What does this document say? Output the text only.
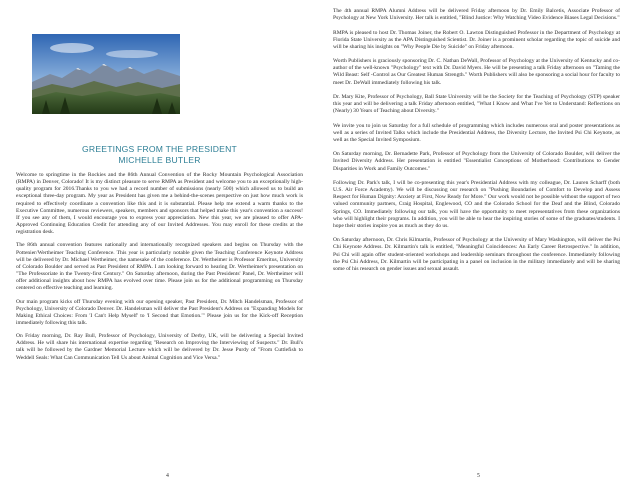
GREETINGS FROM THE PRESIDENT
MICHELLE BUTLER

Welcome to springtime in the Rockies and the 86th Annual Convention of the Rocky Mountain Psychological Association (RMPA) in Denver, Colorado! It is my distinct pleasure to serve RMPA as President and welcome you to an exceptionally high-quality program for 2016.Thanks to you we had a record number of submissions (nearly 500) which allowed us to build an exceptional three-day program. My year as President has given me a behind-the-scenes perspective on just how much work is required to effectively coordinate a convention like this and it is substantial. Please help me extend a warm thanks to the Executive Committee, numerous reviewers, speakers, members and sponsors that helped make this year's convention a success! If you see any of them, I would encourage you to express your appreciation. New this year, we are pleased to offer APA-Approved Continuing Education Credit for attending any of our Invited Addresses. You may enroll for these credits at the registration desk.

The 86th annual convention features nationally and internationally recognized speakers and begins on Thursday with the Pottenier/Wertheimer Teaching Conference. This year is particularly notable given the Teaching Conference Keynote Address will be delivered by Dr. Michael Wertheimer, the namesake of the conference. Dr. Wertheimer is Professor Emeritus, University of Colorado Boulder and served as Past President of RMPA. I am looking forward to hearing Dr. Wertheimer's presentation on "The Professoriate in the Twenty-first Century." On Saturday afternoon, during the Past Presidents' Panel, Dr. Wertheimer will offer additional insights about how RMPA has evolved over time. Please join us for the additional programming on Thursday centered on effective teaching and learning.

Our main program kicks off Thursday evening with our opening speaker, Past President, Dr. Mitch Handelsman, Professor of Psychology, University of Colorado Denver. Dr. Handelsman will deliver the Past President's Address on "Expanding Models for Making Ethical Choices: From 'I Can't Help Myself' to 'I Second that Emotion.'" Please join us for the Kick-off Reception immediately following this talk.

On Friday morning, Dr. Ray Bull, Professor of Psychology, University of Derby, UK, will be delivering a Special Invited Address. He will share his international expertise regarding "Research on Improving the Interviewing of Suspects." Dr. Bull's talk will be followed by the Gardner Memorial Lecture which will be delivered by Dr. Jesse Purdy of "From Cuttlefish to Weddell Seals: What Can Communication Tell Us about Animal Cognition and Vice Versa."

The 4th annual RMPA Alumni Address will be delivered Friday afternoon by Dr. Emily Balcetis, Associate Professor of Psychology at New York University. Her talk is entitled, "Blind Justice: Why Watching Video Evidence Biases Legal Decisions."

RMPA is pleased to host Dr. Thomas Joiner, the Robert O. Lawton Distinguished Professor in the Department of Psychology at Florida State University as the APA Distinguished Scientist. Dr. Joiner is a prominent scholar regarding the topic of suicide and will be sharing his insights on "Why People Die by Suicide" on Friday afternoon.

Worth Publishers is graciously sponsoring Dr. C. Nathan DeWall, Professor of Psychology at the University of Kentucky and co-author of the well-known "Psychology" text with Dr. David Myers. He will be presenting a talk Friday afternoon on "Taming the Wild Beast: Self -Control as Our Greatest Human Strength." Worth Publishers will also be sponsoring a social hour for faculty to meet Dr. DeWall immediately following his talk.

Dr. Mary Kite, Professor of Psychology, Ball State University will be the Society for the Teaching of Psychology (STP) speaker this year and will be delivering a talk Friday afternoon entitled, "What I Know and What I've Yet to Understand: Reflections on (Nearly) 30 Years of Teaching about Diversity."

We invite you to join us Saturday for a full schedule of programming which includes numerous oral and poster presentations as well as a series of Invited Talks which include the Presidential Address, the Diversity Lecture, the Invited Psi Chi Keynote, as well as the Special Invited Symposium.

On Saturday morning, Dr. Bernadette Park, Professor of Psychology from the University of Colorado Boulder, will deliver the Invited Diversity Address. Her presentation is entitled "Essentialist Conceptions of Motherhood: Contributions to Gender Disparities in Work and Family Outcomes."

Following Dr. Park's talk, I will be co-presenting this year's Presidential Address with my colleague, Dr. Lauren Scharff (both U.S. Air Force Academy). We will be discussing our research on "Pushing Boundaries of Comfort to Develop and Assess Respect for Human Dignity: Anxiety at First, Now Ready for More." Our work would not be possible without the support of two valued community partners, Craig Hospital, Englewood, CO and the Colorado School for the Deaf and the Blind, Colorado Springs, CO. Immediately following our talk, you will have the opportunity to meet representatives from these organizations who will highlight their programs. In addition, you will be able to hear the inspiring stories of some of the graduates/students. I hope their stories inspire you as much as they do us.

On Saturday afternoon, Dr. Chris Kilmartin, Professor of Psychology at the University of Mary Washington, will deliver the Psi Chi Keynote Address. Dr. Kilmartin's talk is entitled, "Meaningful Coincidences: An Early Career Retrospective." In addition, Psi Chi will again offer student-oriented workshops and leadership seminars throughout the conference. Immediately following the Psi Chi Address, Dr. Kilmartin will be participating in a panel on inclusion in the military immediately and will be sharing some of his research on gender issues and sexual assault.

4	5
